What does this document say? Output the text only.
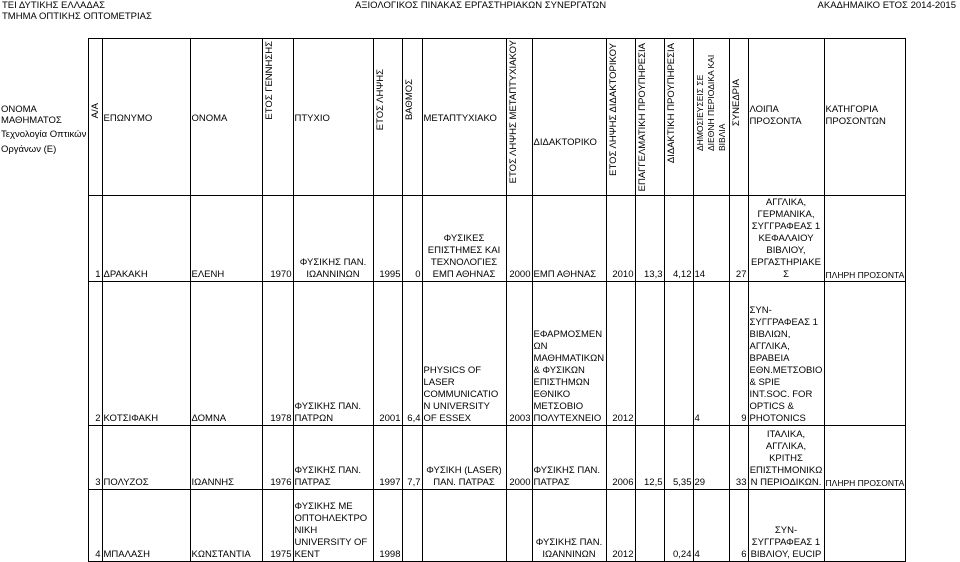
ΤΕΙ ΔΥΤΙΚΗΣ ΕΛΛΑΔΑΣ
ΤΜΗΜΑ ΟΠΤΙΚΗΣ ΟΠΤΟΜΕΤΡΙΑΣ
ΑΞΙΟΛΟΓΙΚΟΣ ΠΙΝΑΚΑΣ ΕΡΓΑΣΤΗΡΙΑΚΩΝ ΣΥΝΕΡΓΑΤΩΝ	ΑΚΑΔΗΜΑΙΚΟ ΕΤΟΣ 2014-2015
ΟΝΟΜΑ ΜΑΘΗΜΑΤΟΣ
Τεχνολογία Οπτικών Οργάνων (Ε)	Α/Α	ΕΠΩΝΥΜΟ	ΟΝΟΜΑ	ΕΤΟΣ ΓΕΝΝΗΣΗΣ	ΠΤΥΧΙΟ	ΕΤΟΣ ΛΗΨΗΣ	ΒΑΘΜΟΣ	ΜΕΤΑΠΤΥΧΙΑΚΟ	ΕΤΟΣ ΛΗΨΗΣ ΜΕΤΑΠΤΥΧΙΑΚΟΥ	ΔΙΔΑΚΤΟΡΙΚΟ	ΕΤΟΣ ΛΗΨΗΣ ΔΙΔΑΚΤΟΡΙΚΟΥ	ΕΠΑΓΓΕΛΜΑΤΙΚΗ ΠΡΟΥΠΗΡΕΣΙΑ	ΔΙΔΑΚΤΙΚΗ ΠΡΟΥΠΗΡΕΣΙΑ	ΔΗΜΟΣΙΕΥΣΕΙΣ ΣΕ ΔΙΕΘΝΗ ΠΕΡΙΟΔΙΚΑ ΚΑΙ ΒΙΒΛΙΑ	ΣΥΝΕΔΡΙΑ	ΛΟΙΠΑ ΠΡΟΣΟΝΤΑ	ΚΑΤΗΓΟΡΙΑ ΠΡΟΣΟΝΤΩΝ
	1	ΔΡΑΚΑΚΗ	ΕΛΕΝΗ	1970	ΦΥΣΙΚΗΣ ΠΑΝ. ΙΩΑΝΝΙΝΩΝ	1995	0	ΦΥΣΙΚΕΣ ΕΠΙΣΤΗΜΕΣ ΚΑΙ ΤΕΧΝΟΛΟΓΙΕΣ ΕΜΠ ΑΘΗΝΑΣ	2000	ΕΜΠ ΑΘΗΝΑΣ	2010	13,3	4,12	14	27	ΑΓΓΛΙΚΑ, ΓΕΡΜΑΝΙΚΑ, ΣΥΓΓΡΑΦΕΑΣ 1 ΚΕΦΑΛΑΙΟΥ ΒΙΒΛΙΟΥ, ΕΡΓΑΣΤΗΡΙΑΚΕΣ	ΠΛΗΡΗ ΠΡΟΣΟΝΤΑ
	2	ΚΟΤΣΙΦΑΚΗ	ΔΟΜΝΑ	1978	ΦΥΣΙΚΗΣ ΠΑΝ. ΠΑΤΡΩΝ	2001	6,4	PHYSICS OF LASER COMMUNICATION UNIVERSITY OF ESSEX	2003	ΕΦΑΡΜΟΣΜΕΝΩΝ ΜΑΘΗΜΑΤΙΚΩΝ & ΦΥΣΙΚΩΝ ΕΠΙΣΤΗΜΩΝ ΕΘΝΙΚΟ ΜΕΤΣΟΒΙΟ ΠΟΛΥΤΕΧΝΕΙΟ	2012			4	9	ΣΥΝ- ΣΥΓΓΡΑΦΕΑΣ 1 ΒΙΒΛΙΩΝ, ΑΓΓΛΙΚΑ, ΒΡΑΒΕΙΑ ΕΘΝ.ΜΕΤΣΟΒΙΟ & SPIE INT.SOC. FOR OPTICS & PHOTONICS	
	3	ΠΟΛΥΖΟΣ	ΙΩΑΝΝΗΣ	1976	ΦΥΣΙΚΗΣ ΠΑΝ. ΠΑΤΡΑΣ	1997	7,7	ΦΥΣΙΚΗ (LASER) ΠΑΝ. ΠΑΤΡΑΣ	2000	ΦΥΣΙΚΗΣ ΠΑΝ. ΠΑΤΡΑΣ	2006	12,5	5,35	29	33	ΙΤΑΛΙΚΑ, ΑΓΓΛΙΚΑ, ΚΡΙΤΗΣ ΕΠΙΣΤΗΜΟΝΙΚΩΝ ΠΕΡΙΟΔΙΚΩΝ.	ΠΛΗΡΗ ΠΡΟΣΟΝΤΑ
	4	ΜΠΑΛΑΣΗ	ΚΩΝΣΤΑΝΤΙΑ	1975	ΦΥΣΙΚΗΣ ΜΕ ΟΠΤΟΗΛΕΚΤΡΟΝΙΚΗ UNIVERSITY OF KENT	1998				ΦΥΣΙΚΗΣ ΠΑΝ. ΙΩΑΝΝΙΝΩΝ	2012		0,24	4	6	ΣΥΝ- ΣΥΓΓΡΑΦΕΑΣ 1 ΒΙΒΛΙΟΥ, EUCIP	
